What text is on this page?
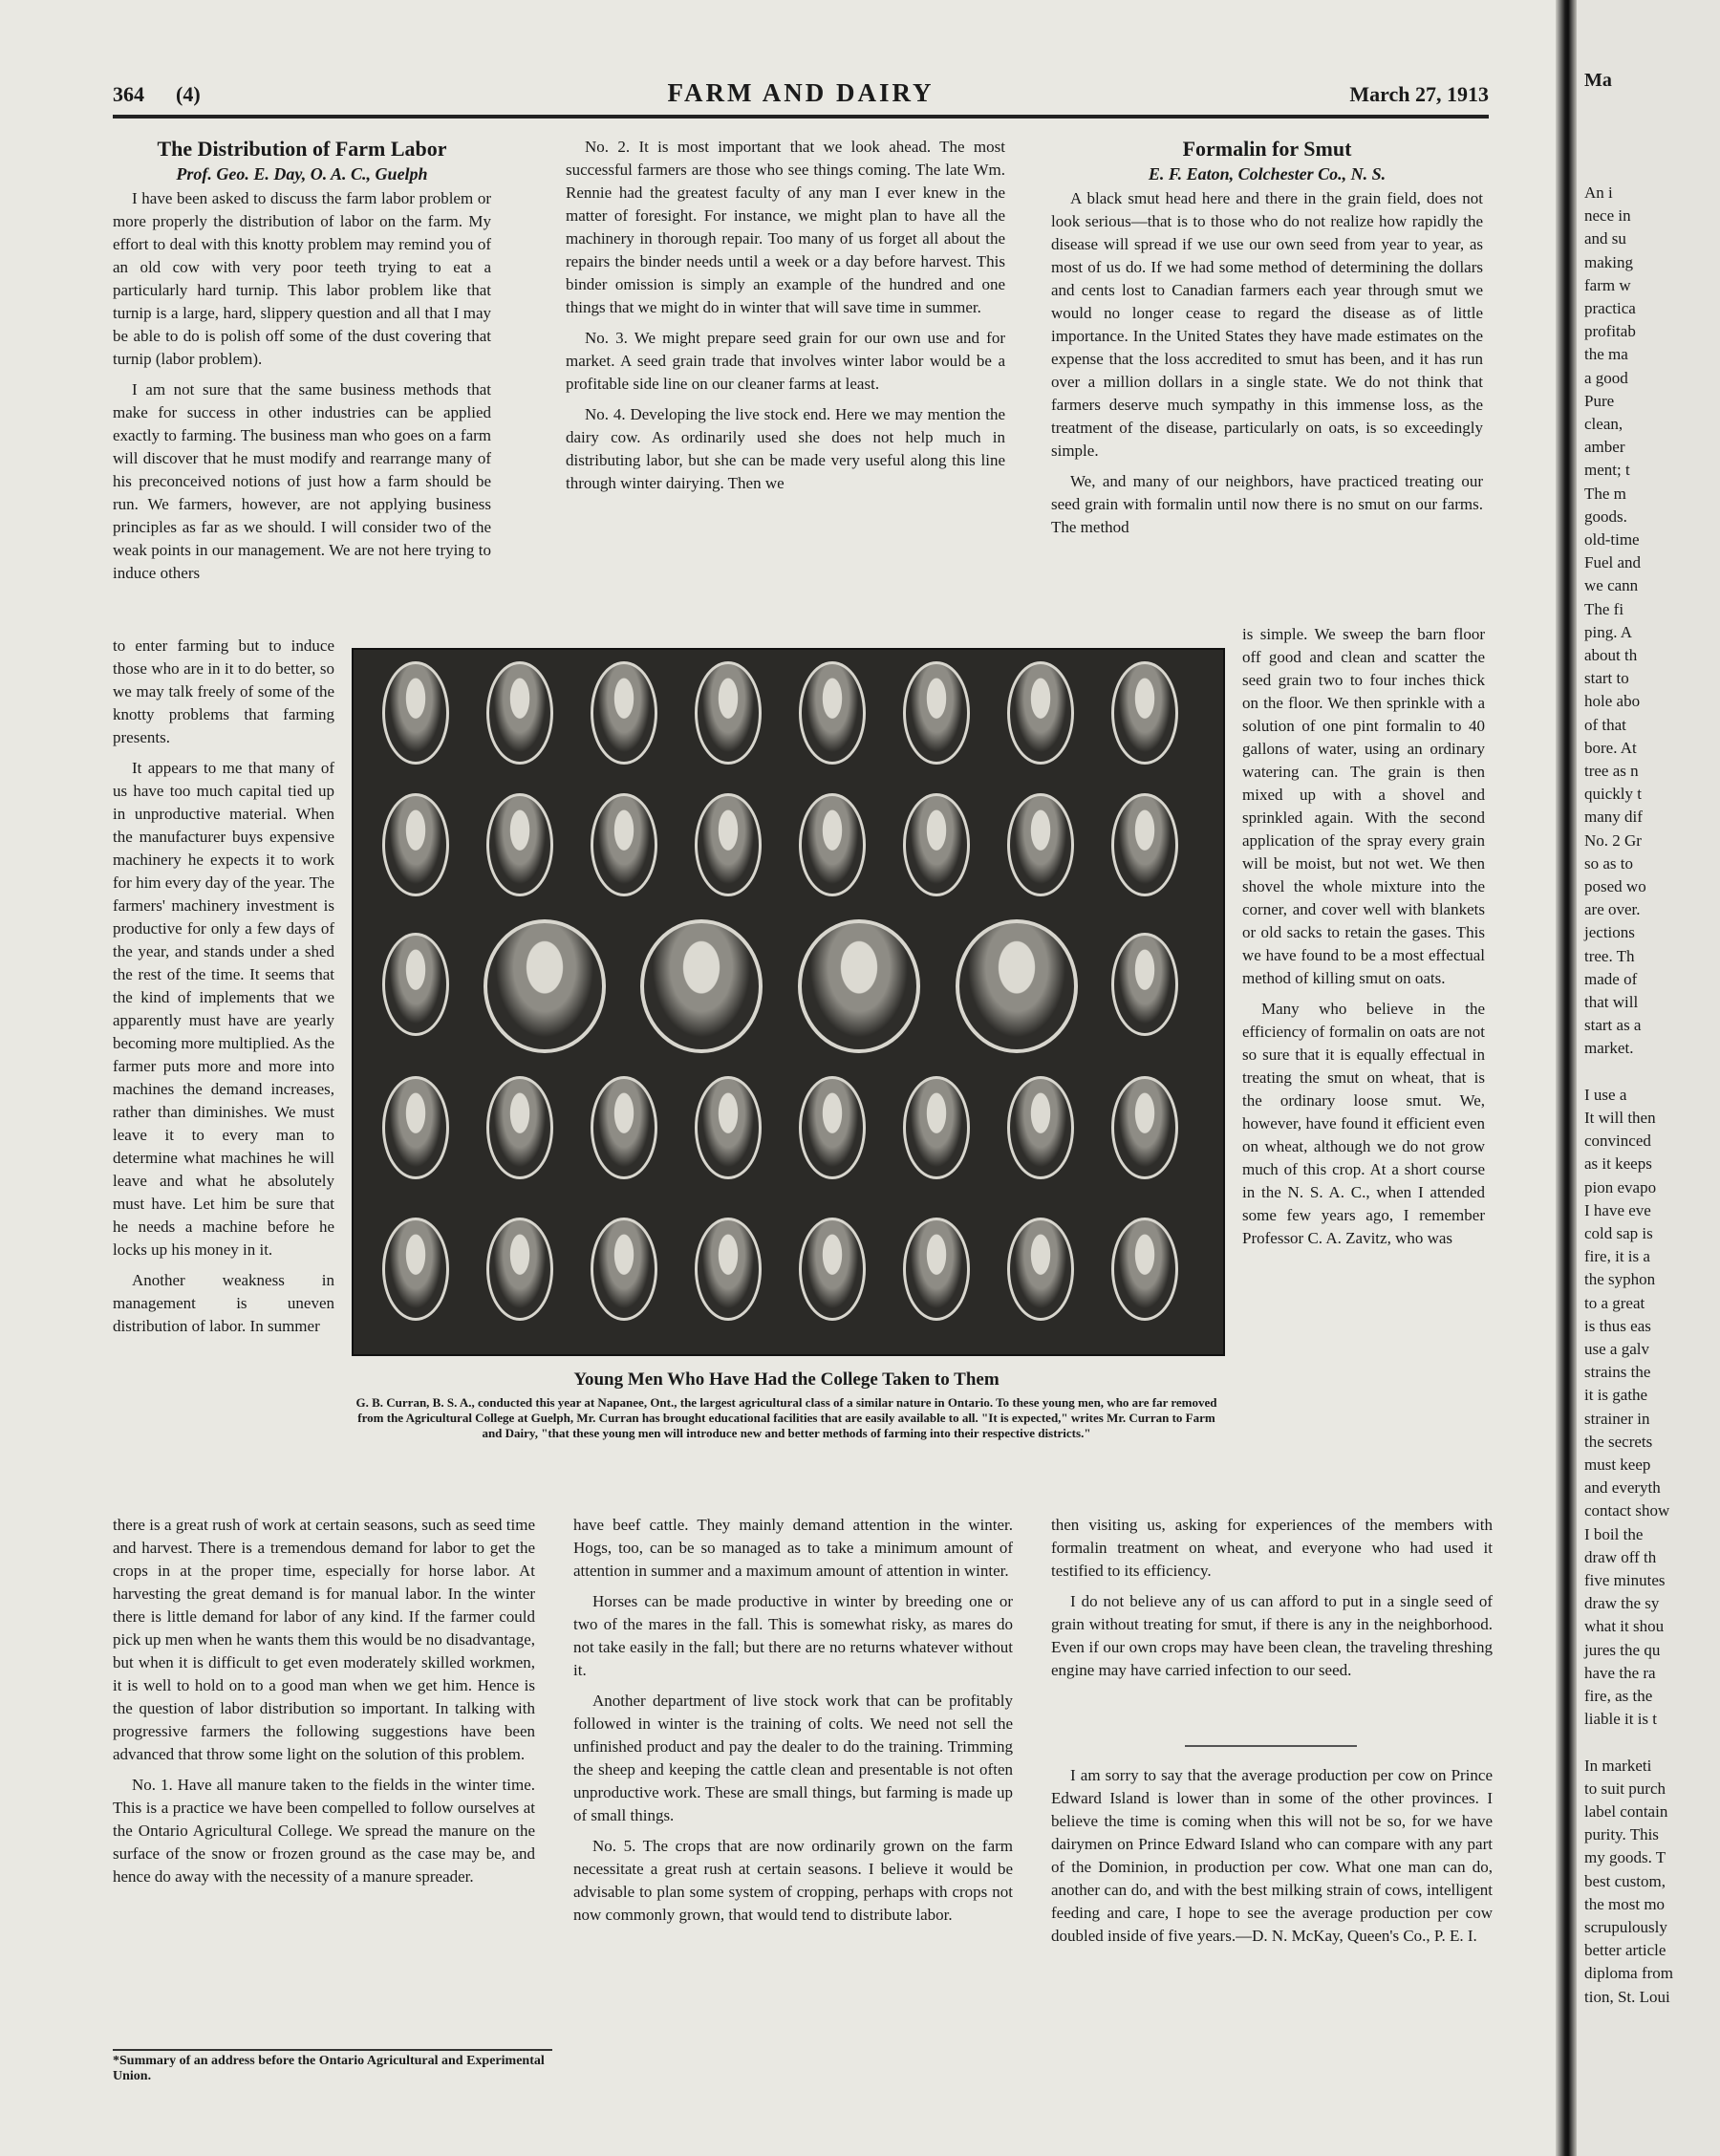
364 (4)	FARM AND DAIRY	March 27, 1913
The Distribution of Farm Labor
Prof. Geo. E. Day, O. A. C., Guelph

I have been asked to discuss the farm labor problem or more properly the distribution of labor on the farm. My effort to deal with this knotty problem may remind you of an old cow with very poor teeth trying to eat a particularly hard turnip. This labor problem like that turnip is a large, hard, slippery question and all that I may be able to do is polish off some of the dust covering that turnip (labor problem).

I am not sure that the same business methods that make for success in other industries can be applied exactly to farming. The business man who goes on a farm will discover that he must modify and rearrange many of his preconceived notions of just how a farm should be run. We farmers, however, are not applying business principles as far as we should. I will consider two of the weak points in our management. We are not here trying to induce others

to enter farming but to induce those who are in it to do better, so we may talk freely of some of the knotty problems that farming presents.

It appears to me that many of us have too much capital tied up in unproductive material. When the manufacturer buys expensive machinery he expects it to work for him every day of the year. The farmers' machinery investment is productive for only a few days of the year, and stands under a shed the rest of the time. It seems that the kind of implements that we apparently must have are yearly becoming more multiplied. As the farmer puts more and more into machines the demand increases, rather than diminishes. We must leave it to every man to determine what machines he will leave and what he absolutely must have. Let him be sure that he needs a machine before he locks up his money in it.

Another weakness in management is uneven distribution of labor. In summer

there is a great rush of work at certain seasons, such as seed time and harvest. There is a tremendous demand for labor to get the crops in at the proper time, especially for horse labor. At harvesting the great demand is for manual labor. In the winter there is little demand for labor of any kind. If the farmer could pick up men when he wants them this would be no disadvantage, but when it is difficult to get even moderately skilled workmen, it is well to hold on to a good man when we get him. Hence is the question of labor distribution so important. In talking with progressive farmers the following suggestions have been advanced that throw some light on the solution of this problem.

No. 1. Have all manure taken to the fields in the winter time. This is a practice we have been compelled to follow ourselves at the Ontario Agricultural College. We spread the manure on the surface of the snow or frozen ground as the case may be, and hence do away with the necessity of a manure spreader.

*Summary of an address before the Ontario Agricultural and Experimental Union.

No. 2. It is most important that we look ahead. The most successful farmers are those who see things coming. The late Wm. Rennie had the greatest faculty of any man I ever knew in the matter of foresight. For instance, we might plan to have all the machinery in thorough repair. Too many of us forget all about the repairs the binder needs until a week or a day before harvest. This binder omission is simply an example of the hundred and one things that we might do in winter that will save time in summer.

No. 3. We might prepare seed grain for our own use and for market. A seed grain trade that involves winter labor would be a profitable side line on our cleaner farms at least.

No. 4. Developing the live stock end. Here we may mention the dairy cow. As ordinarily used she does not help much in distributing labor, but she can be made very useful along this line through winter dairying. Then we

have beef cattle. They mainly demand attention in the winter. Hogs, too, can be so managed as to take a minimum amount of attention in summer and a maximum amount of attention in winter.

Horses can be made productive in winter by breeding one or two of the mares in the fall. This is somewhat risky, as mares do not take easily in the fall; but there are no returns whatever without it.

Another department of live stock work that can be profitably followed in winter is the training of colts. We need not sell the unfinished product and pay the dealer to do the training. Trimming the sheep and keeping the cattle clean and presentable is not often unproductive work. These are small things, but farming is made up of small things.

No. 5. The crops that are now ordinarily grown on the farm necessitate a great rush at certain seasons. I believe it would be advisable to plan some system of cropping, perhaps with crops not now commonly grown, that would tend to distribute labor.

Formalin for Smut
E. F. Eaton, Colchester Co., N. S.

A black smut head here and there in the grain field, does not look serious—that is to those who do not realize how rapidly the disease will spread if we use our own seed from year to year, as most of us do. If we had some method of determining the dollars and cents lost to Canadian farmers each year through smut we would no longer cease to regard the disease as of little importance. In the United States they have made estimates on the expense that the loss accredited to smut has been, and it has run over a million dollars in a single state. We do not think that farmers deserve much sympathy in this immense loss, as the treatment of the disease, particularly on oats, is so exceedingly simple.

We, and many of our neighbors, have practiced treating our seed grain with formalin until now there is no smut on our farms. The method

is simple. We sweep the barn floor off good and clean and scatter the seed grain two to four inches thick on the floor. We then sprinkle with a solution of one pint formalin to 40 gallons of water, using an ordinary watering can. The grain is then mixed up with a shovel and sprinkled again. With the second application of the spray every grain will be moist, but not wet. We then shovel the whole mixture into the corner, and cover well with blankets or old sacks to retain the gases. This we have found to be a most effectual method of killing smut on oats.

Many who believe in the efficiency of formalin on oats are not so sure that it is equally effectual in treating the smut on wheat, that is the ordinary loose smut. We, however, have found it efficient even on wheat, although we do not grow much of this crop. At a short course in the N. S. A. C., when I attended some few years ago, I remember Professor C. A. Zavitz, who was

then visiting us, asking for experiences of the members with formalin treatment on wheat, and everyone who had used it testified to its efficiency.

I do not believe any of us can afford to put in a single seed of grain without treating for smut, if there is any in the neighborhood. Even if our own crops may have been clean, the traveling threshing engine may have carried infection to our seed.

I am sorry to say that the average production per cow on Prince Edward Island is lower than in some of the other provinces. I believe the time is coming when this will not be so, for we have dairymen on Prince Edward Island who can compare with any part of the Dominion, in production per cow. What one man can do, another can do, and with the best milking strain of cows, intelligent feeding and care, I hope to see the average production per cow doubled inside of five years.—D. N. McKay, Queen's Co., P. E. I.

Young Men Who Have Had the College Taken to Them
G. B. Curran, B. S. A., conducted this year at Napanee, Ont., the largest agricultural class of a similar nature in Ontario. To these young men, who are far removed from the Agricultural College at Guelph, Mr. Curran has brought educational facilities that are easily available to all. "It is expected," writes Mr. Curran to Farm and Dairy, "that these young men will introduce new and better methods of farming into their respective districts."
Ma
An i
nece in
and su
making
farm w
practica
profitab
the ma
a good
Pure
clean,
amber
ment; t
The m
goods.
old-time
Fuel and
we cann
The fi
ping. A
about th
start to
hole abo
of that
bore. At
tree as n
quickly t
many dif
No. 2 Gr
so as to
posed wo
are over.
jections
tree. Th
made of
that will
start as a
market.
I use a
It will then
convinced
as it keeps
pion evapo
I have eve
cold sap is
fire, it is a
the syphon
to a great
is thus eas
use a galv
strains the
it is gathe
strainer in
the secrets
must keep
and everyth
contact show
I boil the
draw off th
five minutes
draw the sy
what it shou
jures the qu
have the ra
fire, as the
liable it is t
In marketi
to suit purch
label contain
purity. This
my goods. T
best custom,
the most mo
scrupulously
better article
diploma from
tion, St. Loui
